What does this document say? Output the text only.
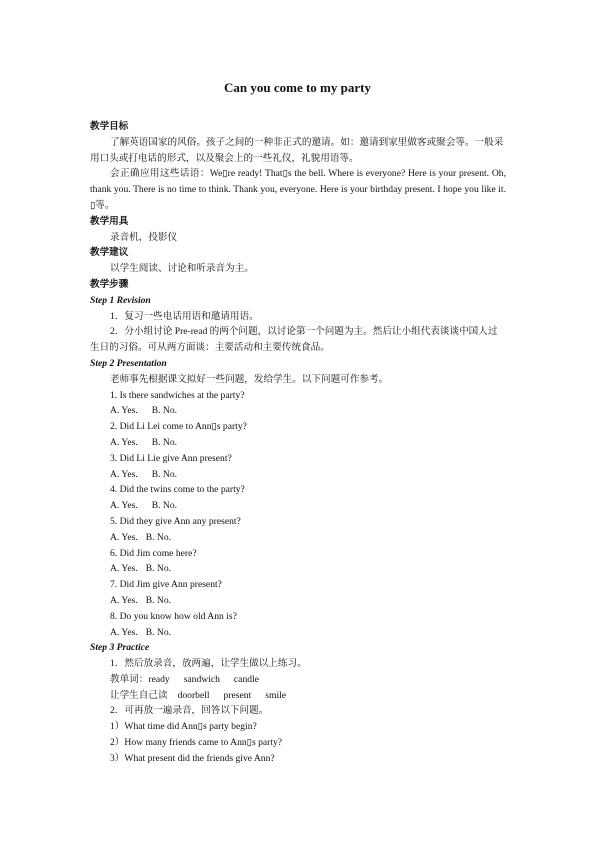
Can you come to my party

教学目标

了解英语国家的风俗。孩子之间的一种非正式的邀请。如：邀请到家里做客或聚会等。一般采用口头或打电话的形式，以及聚会上的一些礼仪，礼貌用语等。

会正确应用这些话语：We▯re ready! That▯s the bell. Where is everyone? Here is your present. Oh, thank you. There is no time to think. Thank you, everyone. Here is your birthday present. I hope you like it. ▯等。

教学用具

录音机，投影仪

教学建议

以学生阅读、讨论和听录音为主。

教学步骤

Step 1 Revision

1．复习一些电话用语和邀请用语。

2．分小组讨论 Pre-read 的两个问题，以讨论第一个问题为主。然后让小组代表谈谈中国人过生日的习俗。可从两方面谈：主要活动和主要传统食品。

Step 2 Presentation

老师事先根据课文拟好一些问题，发给学生。以下问题可作参考。

1. Is there sandwiches at the party?

A. Yes. B. No.

2. Did Li Lei come to Ann▯s party?

A. Yes. B. No.

3. Did Li Lie give Ann present?

A. Yes. B. No.

4. Did the twins come to the party?

A. Yes. B. No.

5. Did they give Ann any present?

A. Yes. B. No.

6. Did Jim come here?

A. Yes. B. No.

7. Did Jim give Ann present?

A. Yes. B. No.

8. Do you know how old Ann is?

A. Yes. B. No.

Step 3 Practice

1．然后放录音，放两遍，让学生做以上练习。

教单词：ready sandwich candle

让学生自己读 doorbell present smile

2．可再放一遍录音，回答以下问题。

1）What time did Ann▯s party begin?

2）How many friends came to Ann▯s party?

3）What present did the friends give Ann?
